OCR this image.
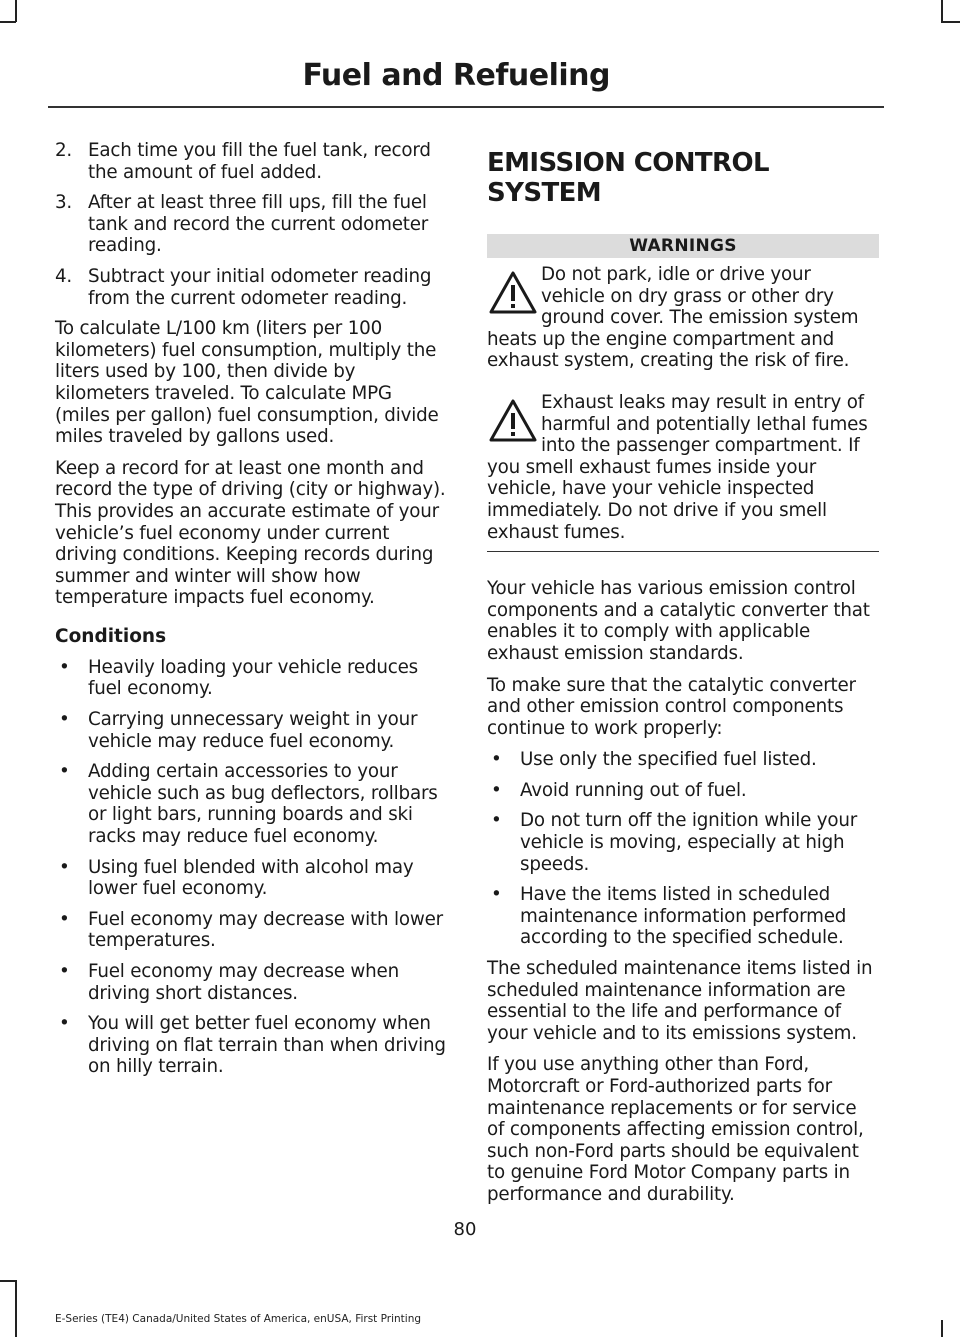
Fuel and Refueling
2. Each time you fill the fuel tank, record the amount of fuel added.
3. After at least three fill ups, fill the fuel tank and record the current odometer reading.
4. Subtract your initial odometer reading from the current odometer reading.

To calculate L/100 km (liters per 100 kilometers) fuel consumption, multiply the liters used by 100, then divide by kilometers traveled. To calculate MPG (miles per gallon) fuel consumption, divide miles traveled by gallons used.

Keep a record for at least one month and record the type of driving (city or highway). This provides an accurate estimate of your vehicle’s fuel economy under current driving conditions. Keeping records during summer and winter will show how temperature impacts fuel economy.

Conditions
• Heavily loading your vehicle reduces fuel economy.
• Carrying unnecessary weight in your vehicle may reduce fuel economy.
• Adding certain accessories to your vehicle such as bug deflectors, rollbars or light bars, running boards and ski racks may reduce fuel economy.
• Using fuel blended with alcohol may lower fuel economy.
• Fuel economy may decrease with lower temperatures.
• Fuel economy may decrease when driving short distances.
• You will get better fuel economy when driving on flat terrain than when driving on hilly terrain.
EMISSION CONTROL SYSTEM
WARNINGS

Do not park, idle or drive your vehicle on dry grass or other dry ground cover. The emission system heats up the engine compartment and exhaust system, creating the risk of fire.

Exhaust leaks may result in entry of harmful and potentially lethal fumes into the passenger compartment. If you smell exhaust fumes inside your vehicle, have your vehicle inspected immediately. Do not drive if you smell exhaust fumes.

Your vehicle has various emission control components and a catalytic converter that enables it to comply with applicable exhaust emission standards.

To make sure that the catalytic converter and other emission control components continue to work properly:

• Use only the specified fuel listed.
• Avoid running out of fuel.
• Do not turn off the ignition while your vehicle is moving, especially at high speeds.
• Have the items listed in scheduled maintenance information performed according to the specified schedule.

The scheduled maintenance items listed in scheduled maintenance information are essential to the life and performance of your vehicle and to its emissions system.

If you use anything other than Ford, Motorcraft or Ford-authorized parts for maintenance replacements or for service of components affecting emission control, such non-Ford parts should be equivalent to genuine Ford Motor Company parts in performance and durability.

80
E-Series (TE4) Canada/United States of America, enUSA, First Printing
